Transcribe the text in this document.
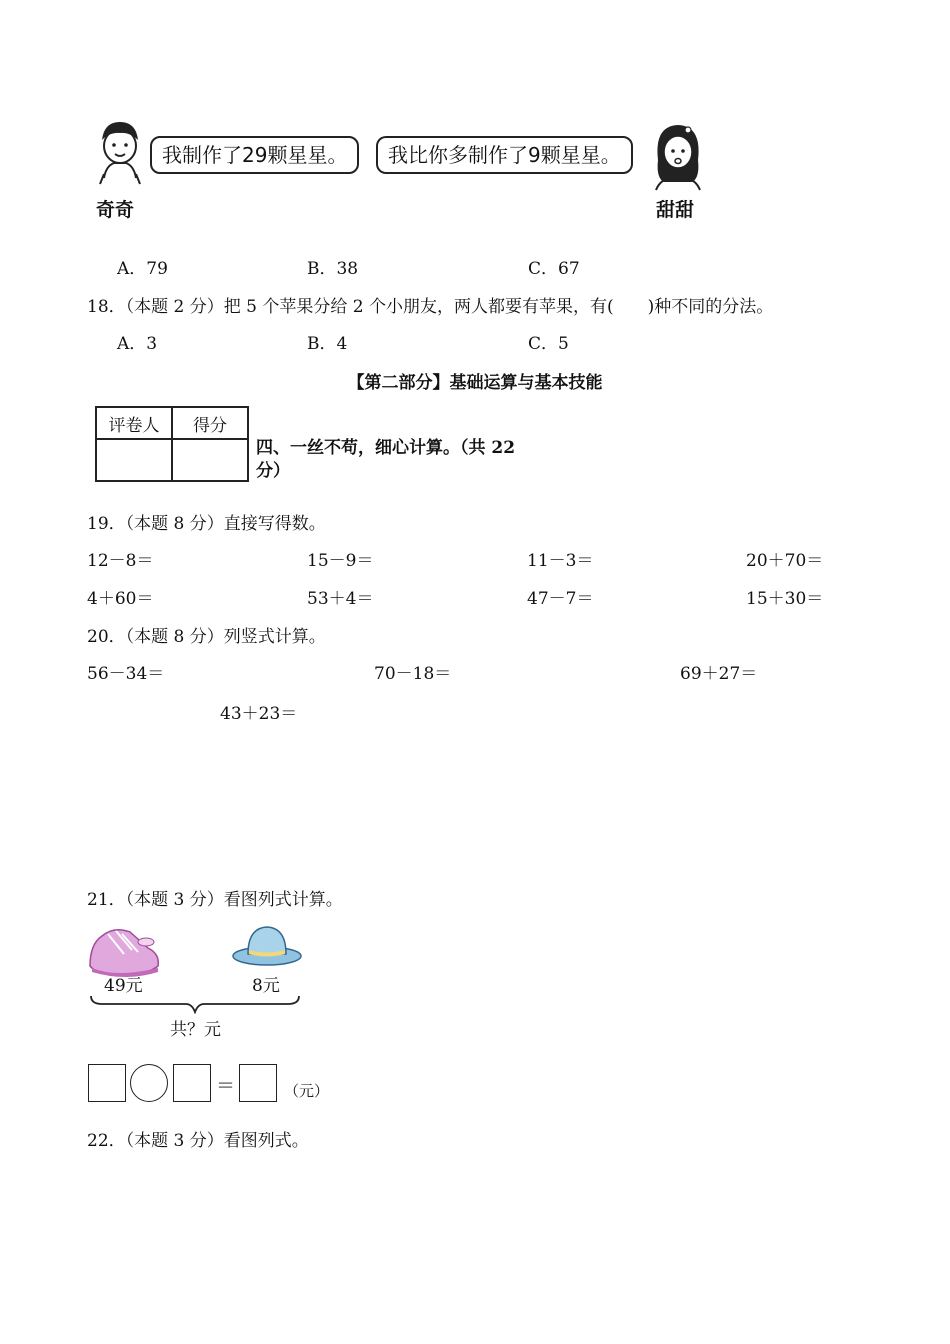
奇奇
我制作了29颗星星。	我比你多制作了9颗星星。
甜甜
A．79	B．38	C．67
18．（本题 2 分）把 5 个苹果分给 2 个小朋友，两人都要有苹果，有(　　)种不同的分法。
A．3	B．4	C．5
【第二部分】基础运算与基本技能
评卷人	得分

四、一丝不苟，细心计算。（共 22
分）
19．（本题 8 分）直接写得数。
12－8＝	15－9＝	11－3＝	20＋70＝
4＋60＝	53＋4＝	47－7＝	15＋30＝
20．（本题 8 分）列竖式计算。
56－34＝	70－18＝	69＋27＝
43＋23＝
21．（本题 3 分）看图列式计算。
49元	8元
共？元
＝	（元）
22．（本题 3 分）看图列式。
